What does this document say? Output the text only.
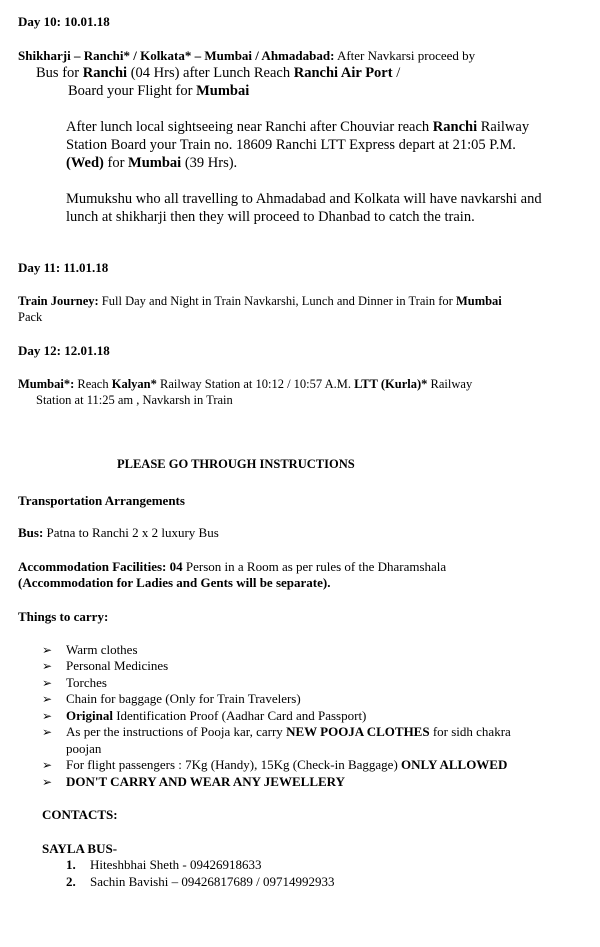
Day 10: 10.01.18
Shikharji – Ranchi* / Kolkata* – Mumbai / Ahmadabad: After Navkarsi proceed by
Bus for Ranchi (04 Hrs) after Lunch Reach Ranchi Air Port /
Board your Flight for Mumbai
After lunch local sightseeing near Ranchi after Chouviar reach Ranchi Railway
Station Board your Train no. 18609 Ranchi LTT Express depart at 21:05 P.M.
(Wed) for Mumbai (39 Hrs).
Mumukshu who all travelling to Ahmadabad and Kolkata will have navkarshi and
lunch at shikharji then they will proceed to Dhanbad to catch the train.
Day 11: 11.01.18
Train Journey: Full Day and Night in Train Navkarshi, Lunch and Dinner in Train for Mumbai
Pack
Day 12: 12.01.18
Mumbai*: Reach Kalyan* Railway Station at 10:12 / 10:57 A.M. LTT (Kurla)* Railway
Station at 11:25 am , Navkarsh in Train
PLEASE GO THROUGH INSTRUCTIONS
Transportation Arrangements
Bus: Patna to Ranchi 2 x 2 luxury Bus
Accommodation Facilities: 04 Person in a Room as per rules of the Dharamshala
(Accommodation for Ladies and Gents will be separate).
Things to carry:
➢ Warm clothes
➢ Personal Medicines
➢ Torches
➢ Chain for baggage (Only for Train Travelers)
➢ Original Identification Proof (Aadhar Card and Passport)
➢ As per the instructions of Pooja kar, carry NEW POOJA CLOTHES for sidh chakra
poojan
➢ For flight passengers : 7Kg (Handy), 15Kg (Check-in Baggage) ONLY ALLOWED
➢ DON'T CARRY AND WEAR ANY JEWELLERY
CONTACTS:
SAYLA BUS-
1. Hiteshbhai Sheth - 09426918633
2. Sachin Bavishi – 09426817689 / 09714992933
